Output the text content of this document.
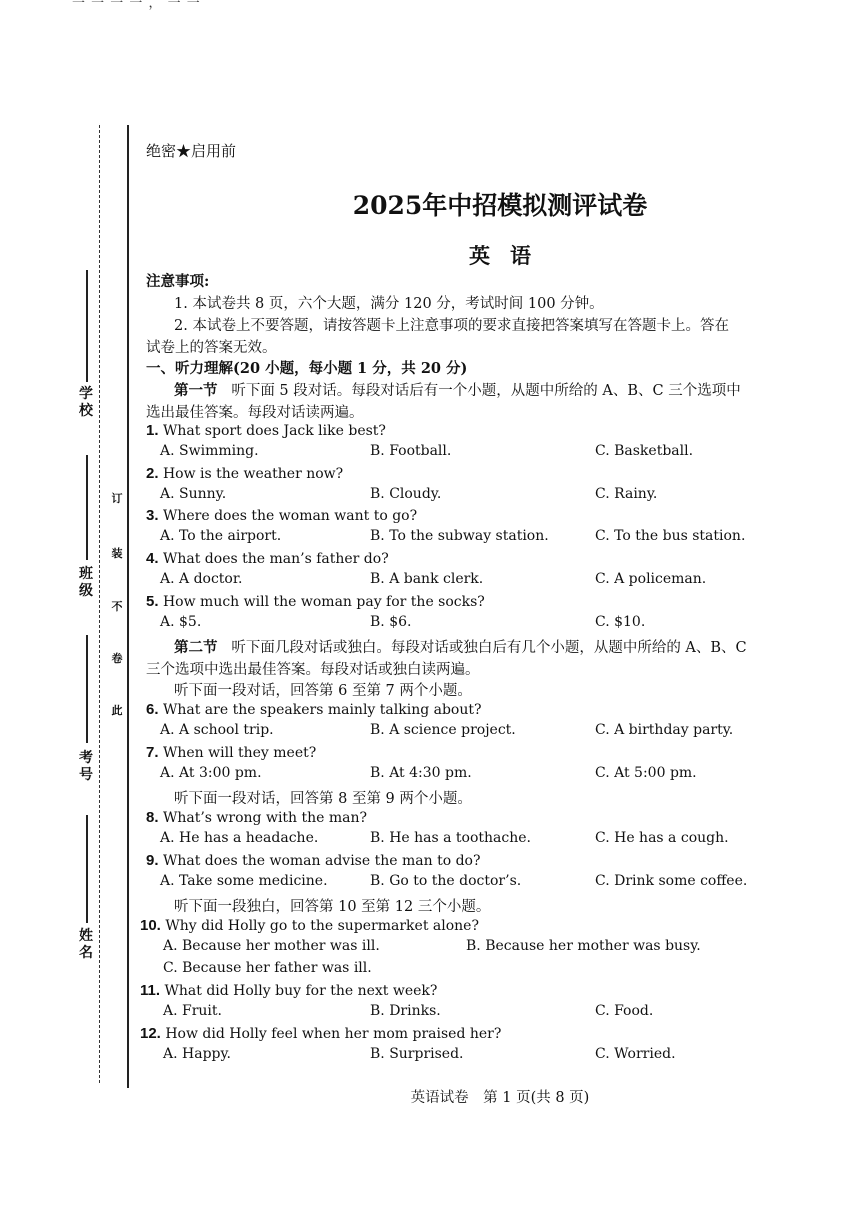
一 一 一 一 ， 一 一
学校
班级
考号
姓名
订
装
不
卷
此
绝密★启用前
2025年中招模拟测评试卷
英语
注意事项:
1. 本试卷共 8 页，六个大题，满分 120 分，考试时间 100 分钟。
2. 本试卷上不要答题，请按答题卡上注意事项的要求直接把答案填写在答题卡上。答在
试卷上的答案无效。
一、听力理解(20 小题，每小题 1 分，共 20 分)
第一节 听下面 5 段对话。每段对话后有一个小题，从题中所给的 A、B、C 三个选项中
选出最佳答案。每段对话读两遍。
1. What sport does Jack like best?
A. Swimming.	B. Football.	C. Basketball.
2. How is the weather now?
A. Sunny.	B. Cloudy.	C. Rainy.
3. Where does the woman want to go?
A. To the airport.	B. To the subway station.	C. To the bus station.
4. What does the man’s father do?
A. A doctor.	B. A bank clerk.	C. A policeman.
5. How much will the woman pay for the socks?
A. $5.	B. $6.	C. $10.
第二节 听下面几段对话或独白。每段对话或独白后有几个小题，从题中所给的 A、B、C
三个选项中选出最佳答案。每段对话或独白读两遍。
听下面一段对话，回答第 6 至第 7 两个小题。
6. What are the speakers mainly talking about?
A. A school trip.	B. A science project.	C. A birthday party.
7. When will they meet?
A. At 3:00 pm.	B. At 4:30 pm.	C. At 5:00 pm.
听下面一段对话，回答第 8 至第 9 两个小题。
8. What’s wrong with the man?
A. He has a headache.	B. He has a toothache.	C. He has a cough.
9. What does the woman advise the man to do?
A. Take some medicine.	B. Go to the doctor’s.	C. Drink some coffee.
听下面一段独白，回答第 10 至第 12 三个小题。
10. Why did Holly go to the supermarket alone?
A. Because her mother was ill.	B. Because her mother was busy.
C. Because her father was ill.
11. What did Holly buy for the next week?
A. Fruit.	B. Drinks.	C. Food.
12. How did Holly feel when her mom praised her?
A. Happy.	B. Surprised.	C. Worried.
英语试卷　第 1 页(共 8 页)
